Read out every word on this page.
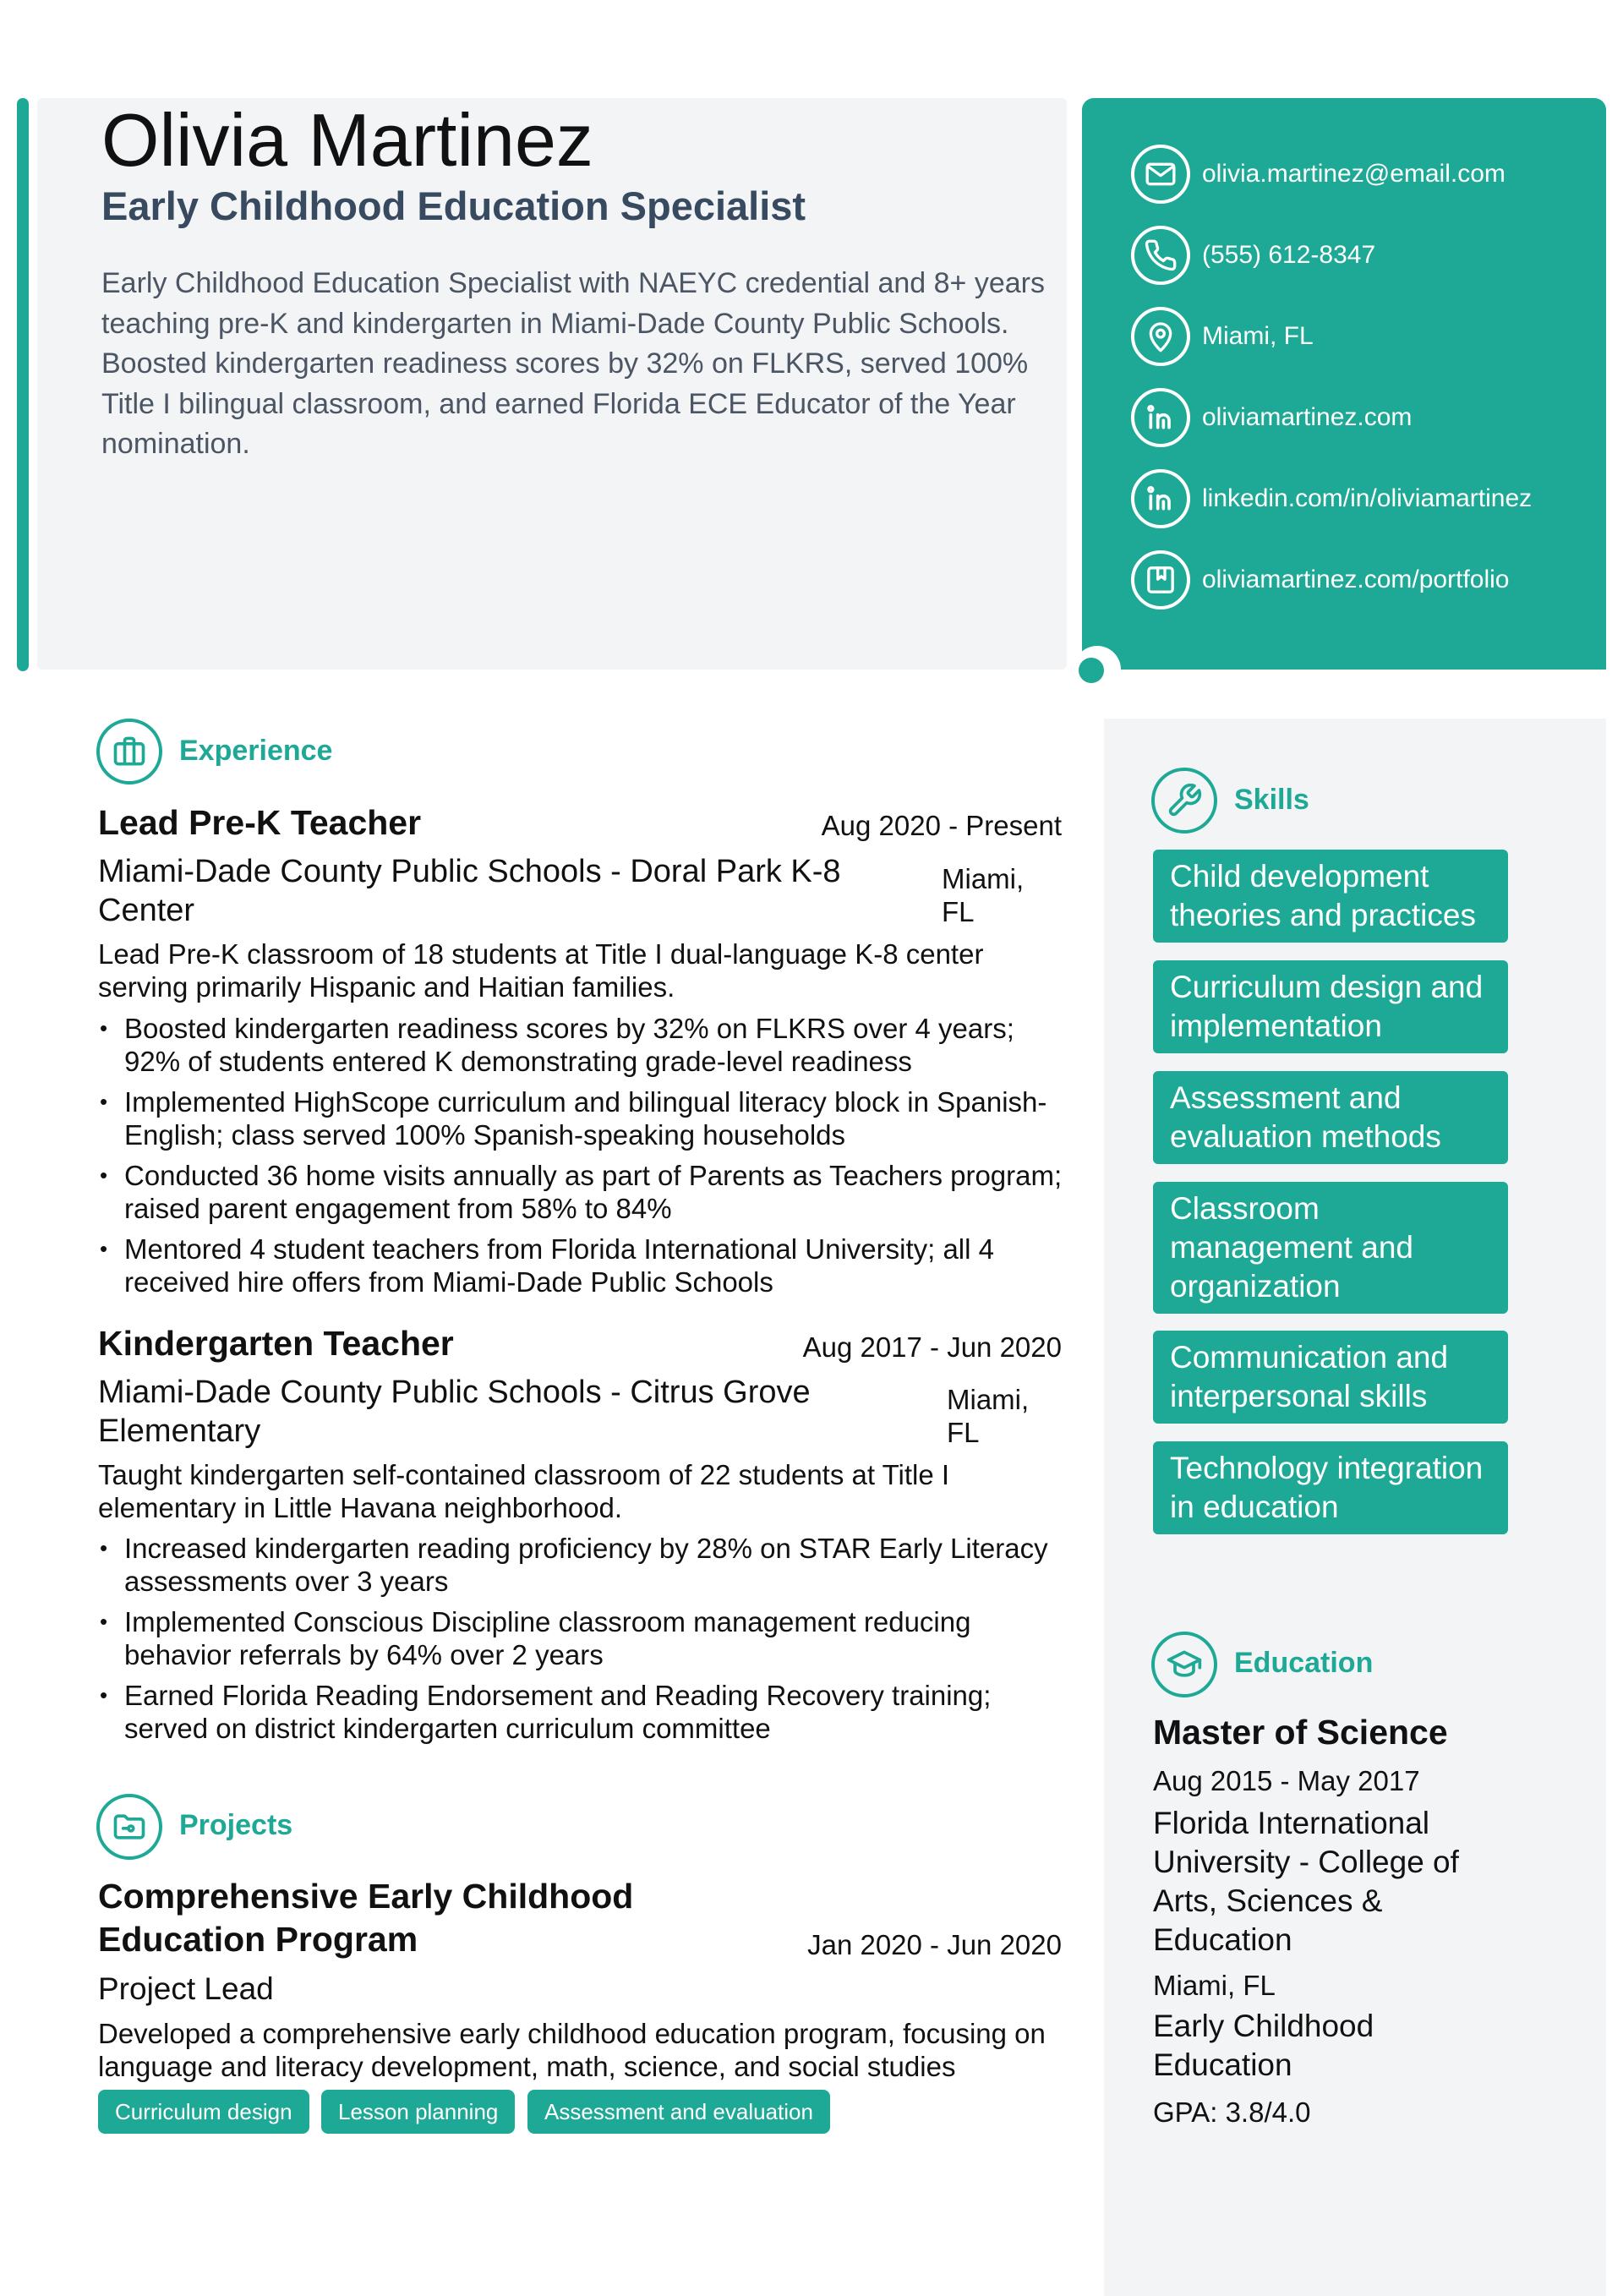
Olivia Martinez
Early Childhood Education Specialist

Early Childhood Education Specialist with NAEYC credential and 8+ years teaching pre-K and kindergarten in Miami-Dade County Public Schools. Boosted kindergarten readiness scores by 32% on FLKRS, served 100% Title I bilingual classroom, and earned Florida ECE Educator of the Year nomination.

olivia.martinez@email.com
(555) 612-8347
Miami, FL
oliviamartinez.com
linkedin.com/in/oliviamartinez
oliviamartinez.com/portfolio
Experience
Lead Pre-K Teacher	Aug 2020 - Present
Miami-Dade County Public Schools - Doral Park K-8 Center
Miami,
FL
Lead Pre-K classroom of 18 students at Title I dual-language K-8 center serving primarily Hispanic and Haitian families.
• Boosted kindergarten readiness scores by 32% on FLKRS over 4 years; 92% of students entered K demonstrating grade-level readiness
• Implemented HighScope curriculum and bilingual literacy block in Spanish-English; class served 100% Spanish-speaking households
• Conducted 36 home visits annually as part of Parents as Teachers program; raised parent engagement from 58% to 84%
• Mentored 4 student teachers from Florida International University; all 4 received hire offers from Miami-Dade Public Schools
Kindergarten Teacher	Aug 2017 - Jun 2020
Miami-Dade County Public Schools - Citrus Grove Elementary
Miami,
FL
Taught kindergarten self-contained classroom of 22 students at Title I elementary in Little Havana neighborhood.
• Increased kindergarten reading proficiency by 28% on STAR Early Literacy assessments over 3 years
• Implemented Conscious Discipline classroom management reducing behavior referrals by 64% over 2 years
• Earned Florida Reading Endorsement and Reading Recovery training; served on district kindergarten curriculum committee
Projects
Comprehensive Early Childhood
Education Program	Jan 2020 - Jun 2020
Project Lead
Developed a comprehensive early childhood education program, focusing on language and literacy development, math, science, and social studies
Curriculum design	Lesson planning	Assessment and evaluation
Skills
Child development theories and practices
Curriculum design and implementation
Assessment and evaluation methods
Classroom management and organization
Communication and interpersonal skills
Technology integration in education
Education
Master of Science
Aug 2015 - May 2017
Florida International University - College of Arts, Sciences & Education
Miami, FL
Early Childhood Education
GPA: 3.8/4.0
